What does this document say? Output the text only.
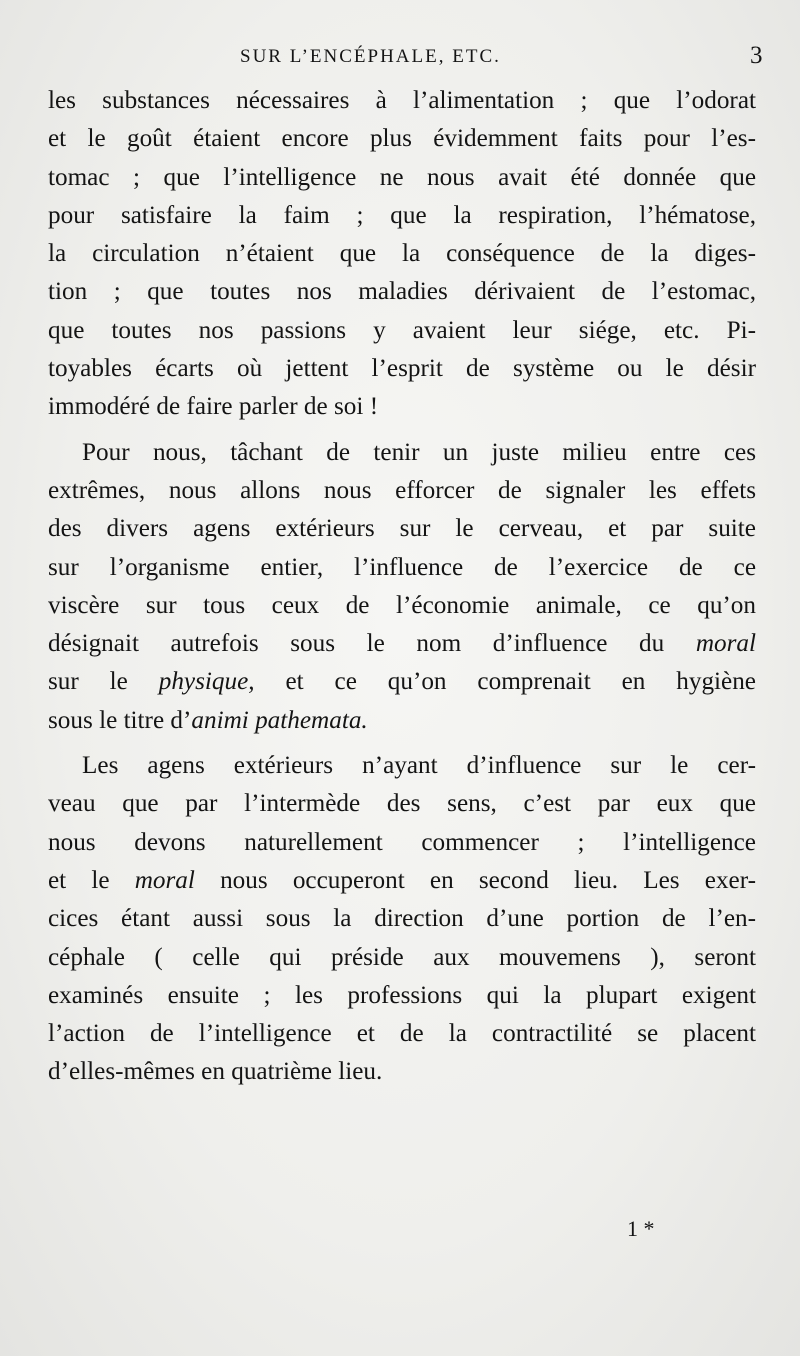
SUR L’ENCÉPHALE, ETC.	3
les substances nécessaires à l’alimentation ; que l’odorat
et le goût étaient encore plus évidemment faits pour l’es-
tomac ; que l’intelligence ne nous avait été donnée que
pour satisfaire la faim ; que la respiration, l’hématose,
la circulation n’étaient que la conséquence de la diges-
tion ; que toutes nos maladies dérivaient de l’estomac,
que toutes nos passions y avaient leur siége, etc. Pi-
toyables écarts où jettent l’esprit de système ou le désir
immodéré de faire parler de soi !
Pour nous, tâchant de tenir un juste milieu entre ces
extrêmes, nous allons nous efforcer de signaler les effets
des divers agens extérieurs sur le cerveau, et par suite
sur l’organisme entier, l’influence de l’exercice de ce
viscère sur tous ceux de l’économie animale, ce qu’on
désignait autrefois sous le nom d’influence du moral
sur le physique, et ce qu’on comprenait en hygiène
sous le titre d’animi pathemata.
Les agens extérieurs n’ayant d’influence sur le cer-
veau que par l’intermède des sens, c’est par eux que
nous devons naturellement commencer ; l’intelligence
et le moral nous occuperont en second lieu. Les exer-
cices étant aussi sous la direction d’une portion de l’en-
céphale ( celle qui préside aux mouvemens ), seront
examinés ensuite ; les professions qui la plupart exigent
l’action de l’intelligence et de la contractilité se placent
d’elles-mêmes en quatrième lieu.
1 *
